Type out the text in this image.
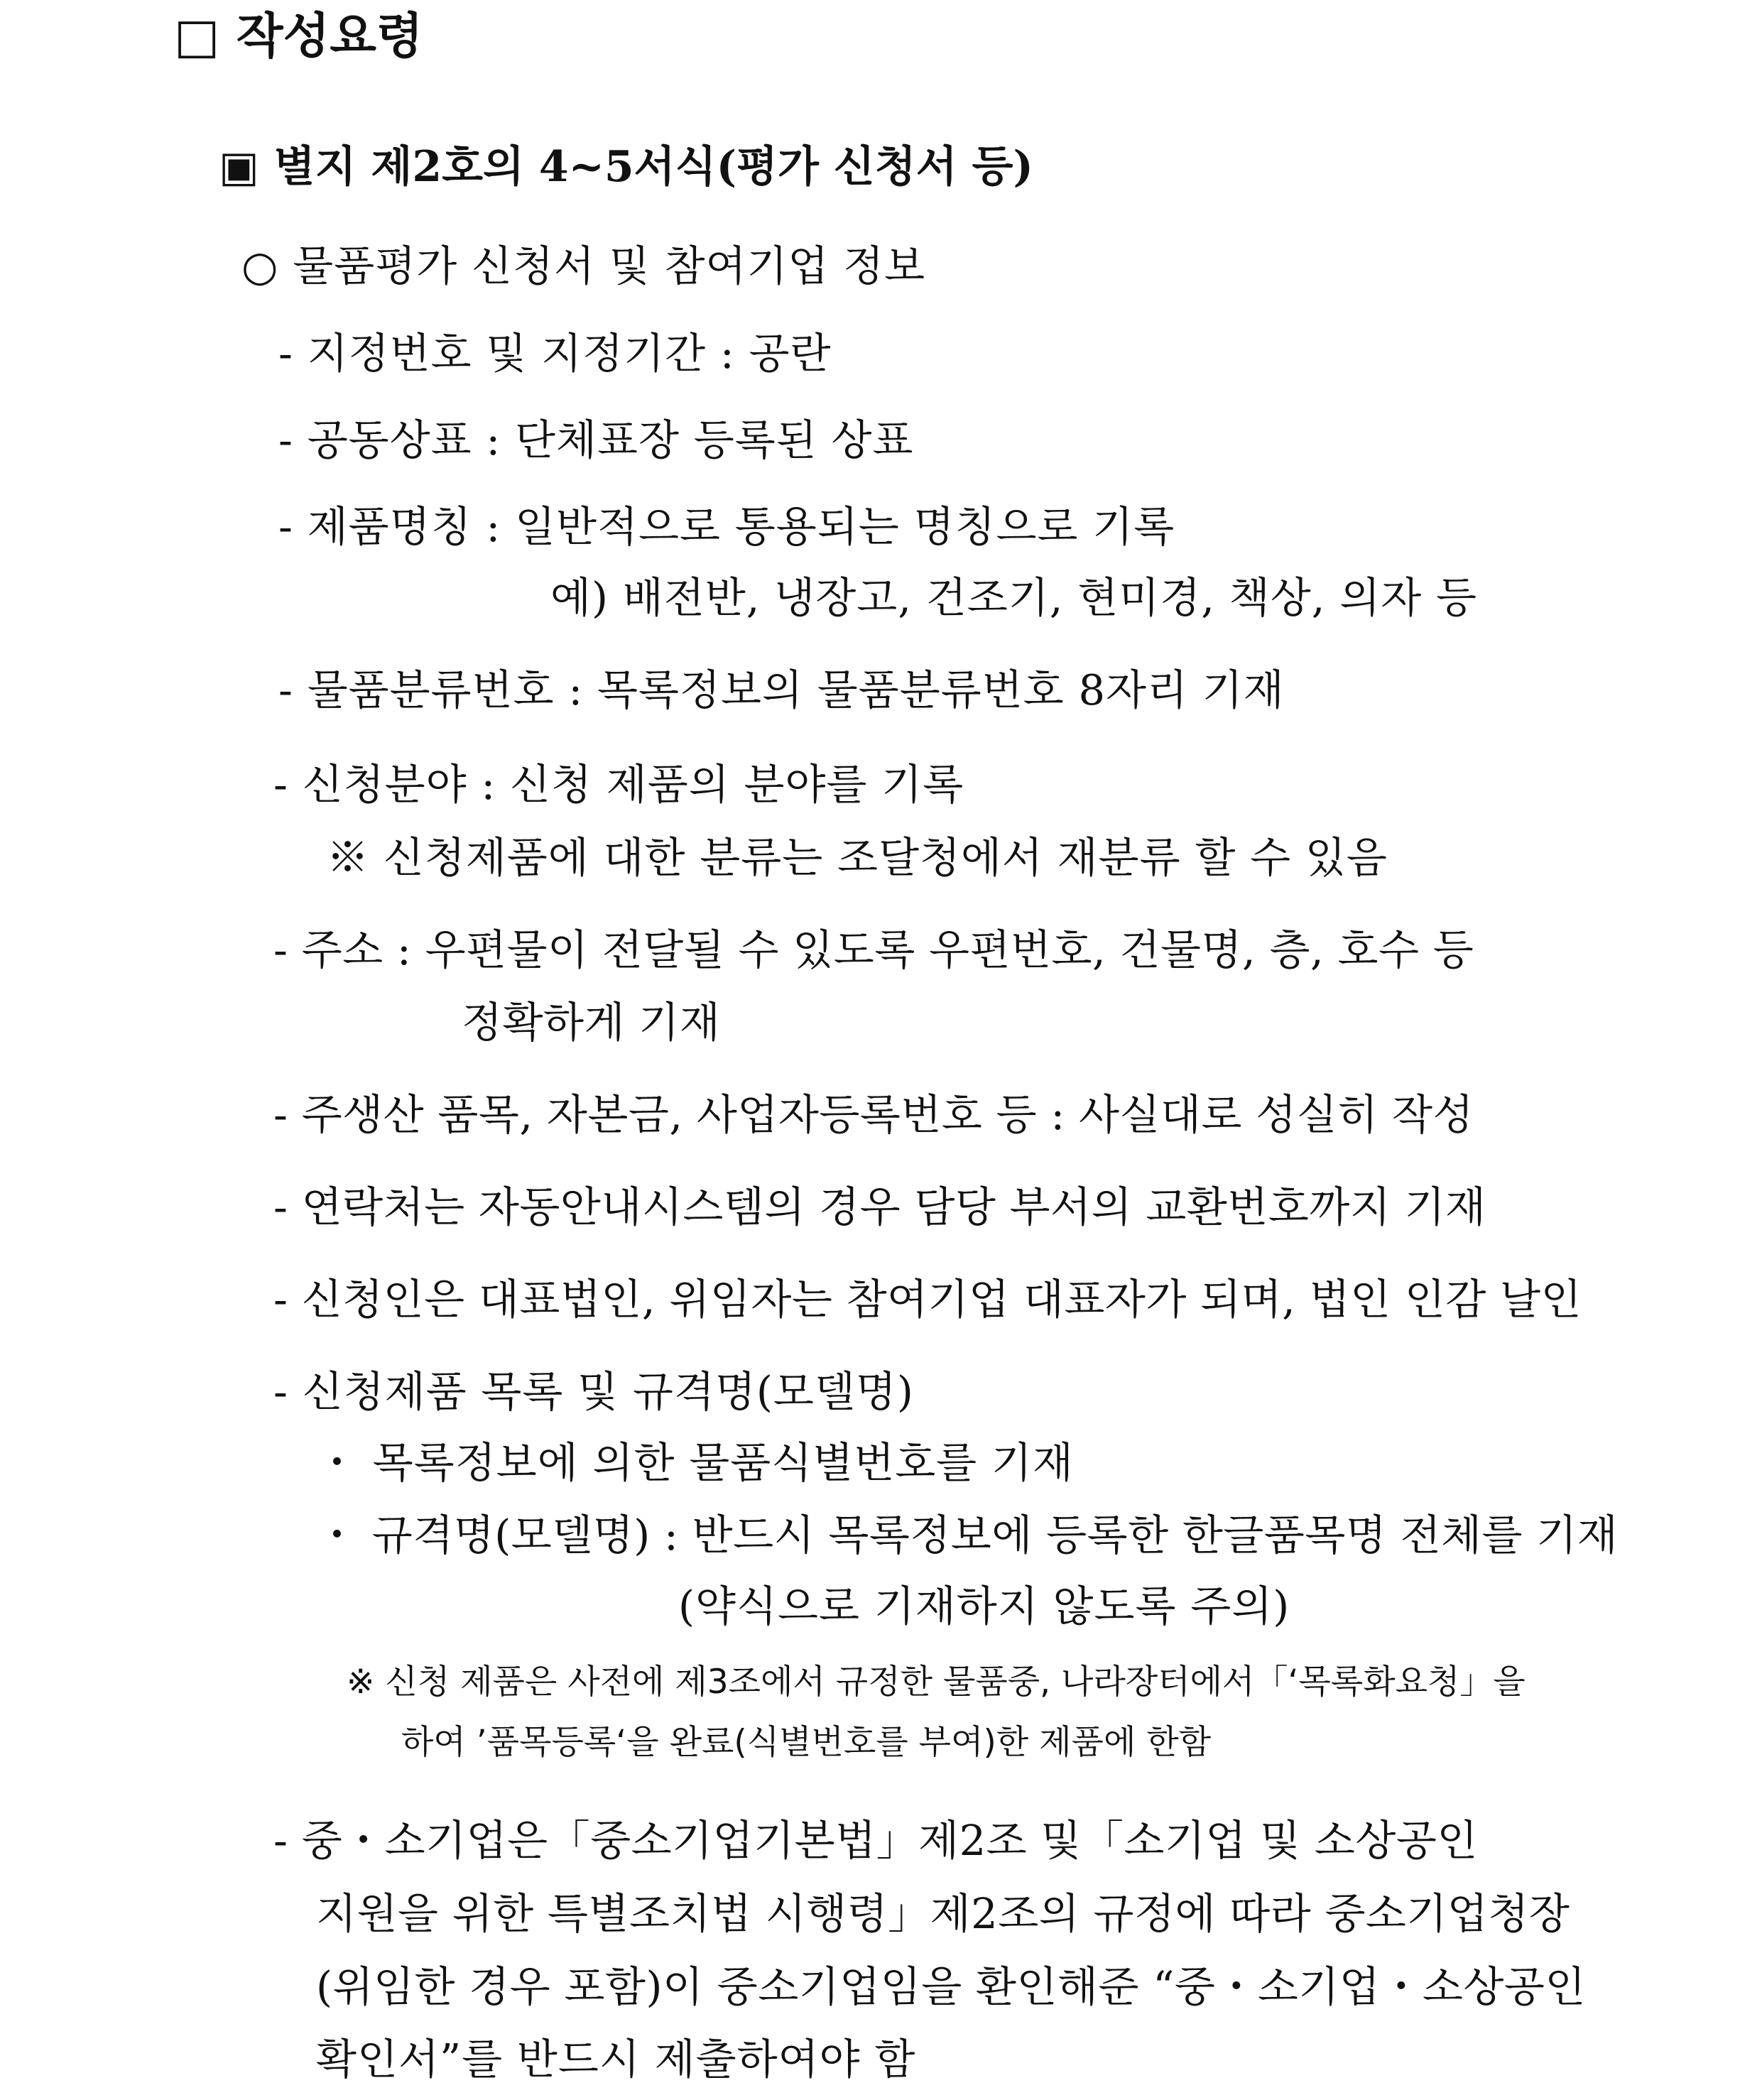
□ 작성요령
▣ 별지 제2호의 4~5서식(평가 신청서 등)
○ 물품평가 신청서 및 참여기업 정보
- 지정번호 및 지정기간 : 공란
- 공동상표 : 단체표장 등록된 상표
- 제품명칭 : 일반적으로 통용되는 명칭으로 기록
예) 배전반, 냉장고, 건조기, 현미경, 책상, 의자 등
- 물품분류번호 : 목록정보의 물품분류번호 8자리 기재
- 신청분야 : 신청 제품의 분야를 기록
※ 신청제품에 대한 분류는 조달청에서 재분류 할 수 있음
- 주소 : 우편물이 전달될 수 있도록 우편번호, 건물명, 층, 호수 등
정확하게 기재
- 주생산 품목, 자본금, 사업자등록번호 등 : 사실대로 성실히 작성
- 연락처는 자동안내시스템의 경우 담당 부서의 교환번호까지 기재
- 신청인은 대표법인, 위임자는 참여기업 대표자가 되며, 법인 인감 날인
- 신청제품 목록 및 규격명(모델명)
・ 목록정보에 의한 물품식별번호를 기재
・ 규격명(모델명) : 반드시 목록정보에 등록한 한글품목명 전체를 기재
(약식으로 기재하지 않도록 주의)
※ 신청 제품은 사전에 제3조에서 규정한 물품중, 나라장터에서「‘목록화요청」을
하여 ’품목등록‘을 완료(식별번호를 부여)한 제품에 한함
- 중・소기업은「중소기업기본법」제2조 및「소기업 및 소상공인
지원을 위한 특별조치법 시행령」제2조의 규정에 따라 중소기업청장
(위임한 경우 포함)이 중소기업임을 환인해준 “중・소기업・소상공인
확인서”를 반드시 제출하여야 함
